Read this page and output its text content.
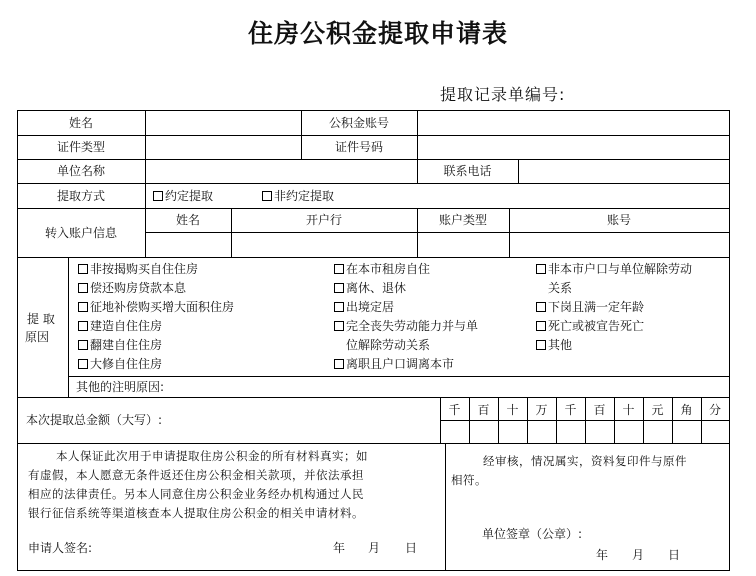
住房公积金提取申请表
提取记录单编号:
姓名	公积金账号
证件类型	证件号码
单位名称	联系电话
提取方式	约定提取	非约定提取
转入账户信息
姓名	开户行	账户类型	账号
提 取
原因
非按揭购买自住住房
偿还购房贷款本息
征地补偿购买增大面积住房
建造自住住房
翻建自住住房
大修自住住房
在本市租房自住
离休、退休
出境定居
完全丧失劳动能力并与单
位解除劳动关系
离职且户口调离本市
非本市户口与单位解除劳动
关系
下岗且满一定年龄
死亡或被宣告死亡
其他
其他的注明原因:
本次提取总金额（大写）:
千	百	十	万	千	百	十	元	角	分
本人保证此次用于申请提取住房公积金的所有材料真实；如
有虚假，本人愿意无条件返还住房公积金相关款项，并依法承担
相应的法律责任。另本人同意住房公积金业务经办机构通过人民
银行征信系统等渠道核查本人提取住房公积金的相关申请材料。
申请人签名:	年 月 日
经审核，情况属实，资料复印件与原件
相符。
单位签章（公章）:
年 月 日
